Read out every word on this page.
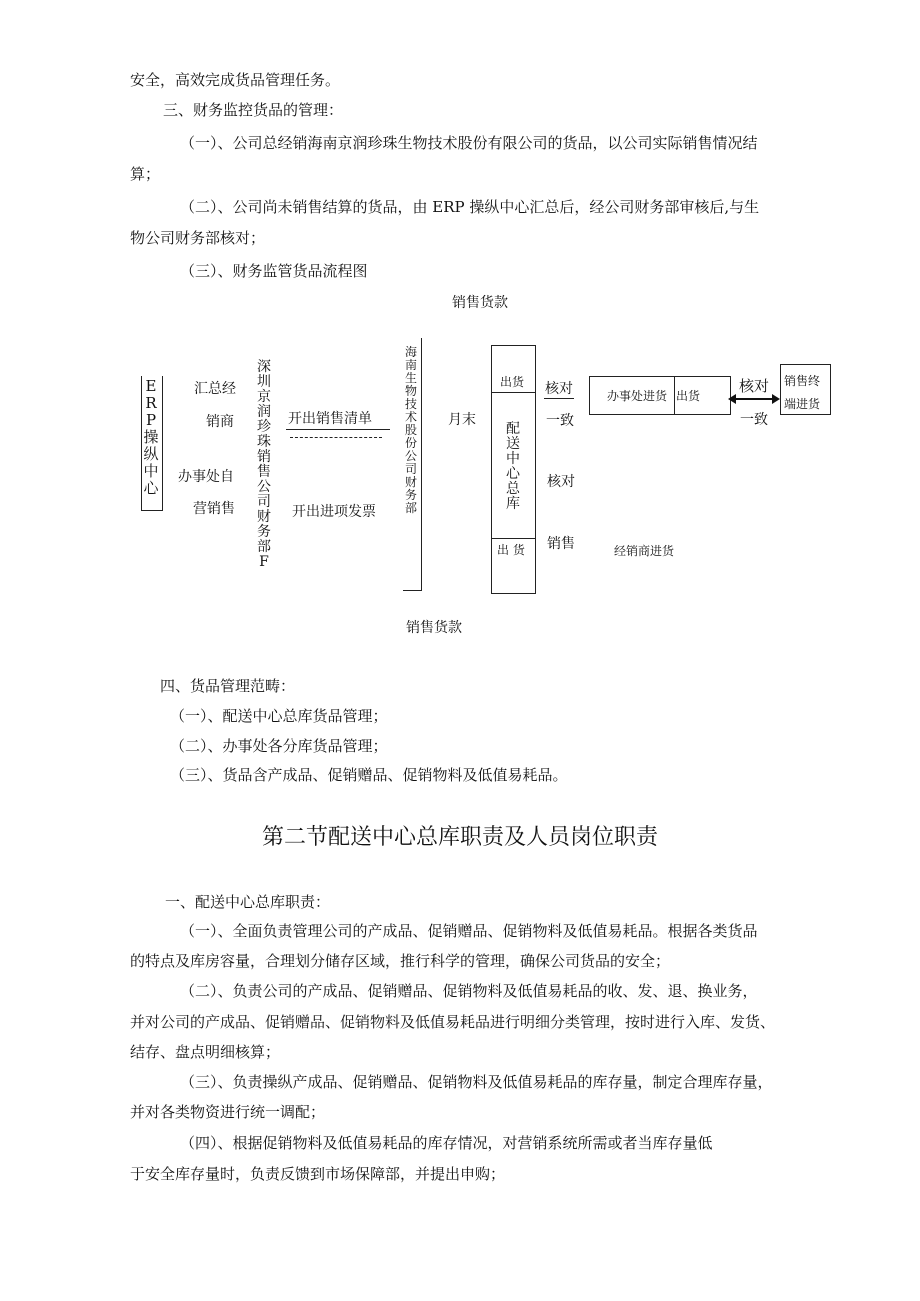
安全，高效完成货品管理任务。
三、财务监控货品的管理：
（一）、公司总经销海南京润珍珠生物技术股份有限公司的货品，以公司实际销售情况结
算；
（二）、公司尚未销售结算的货品，由 ERP 操纵中心汇总后，经公司财务部审核后,与生
物公司财务部核对；
（三）、财务监管货品流程图
销售货款
ERP操纵中心
汇总经
销商
办事处自
营销售
深圳京润珍珠销售公司财务部F
开出销售清单
开出进项发票
海南生物技术股份公司财务部
月末
出货
配送中心总库
出 货
核对
一致
核对
销售
办事处进货 出货
核对
一致
销售终
端进货
经销商进货
销售货款
四、货品管理范畴：
（一）、配送中心总库货品管理；
（二）、办事处各分库货品管理；
（三）、货品含产成品、促销赠品、促销物料及低值易耗品。
第二节配送中心总库职责及人员岗位职责
一、配送中心总库职责：
（一）、全面负责管理公司的产成品、促销赠品、促销物料及低值易耗品。根据各类货品
的特点及库房容量，合理划分储存区域，推行科学的管理，确保公司货品的安全；
（二）、负责公司的产成品、促销赠品、促销物料及低值易耗品的收、发、退、换业务，
并对公司的产成品、促销赠品、促销物料及低值易耗品进行明细分类管理，按时进行入库、发货、
结存、盘点明细核算；
（三）、负责操纵产成品、促销赠品、促销物料及低值易耗品的库存量，制定合理库存量，
并对各类物资进行统一调配；
（四）、根据促销物料及低值易耗品的库存情况，对营销系统所需或者当库存量低
于安全库存量时，负责反馈到市场保障部，并提出申购；
